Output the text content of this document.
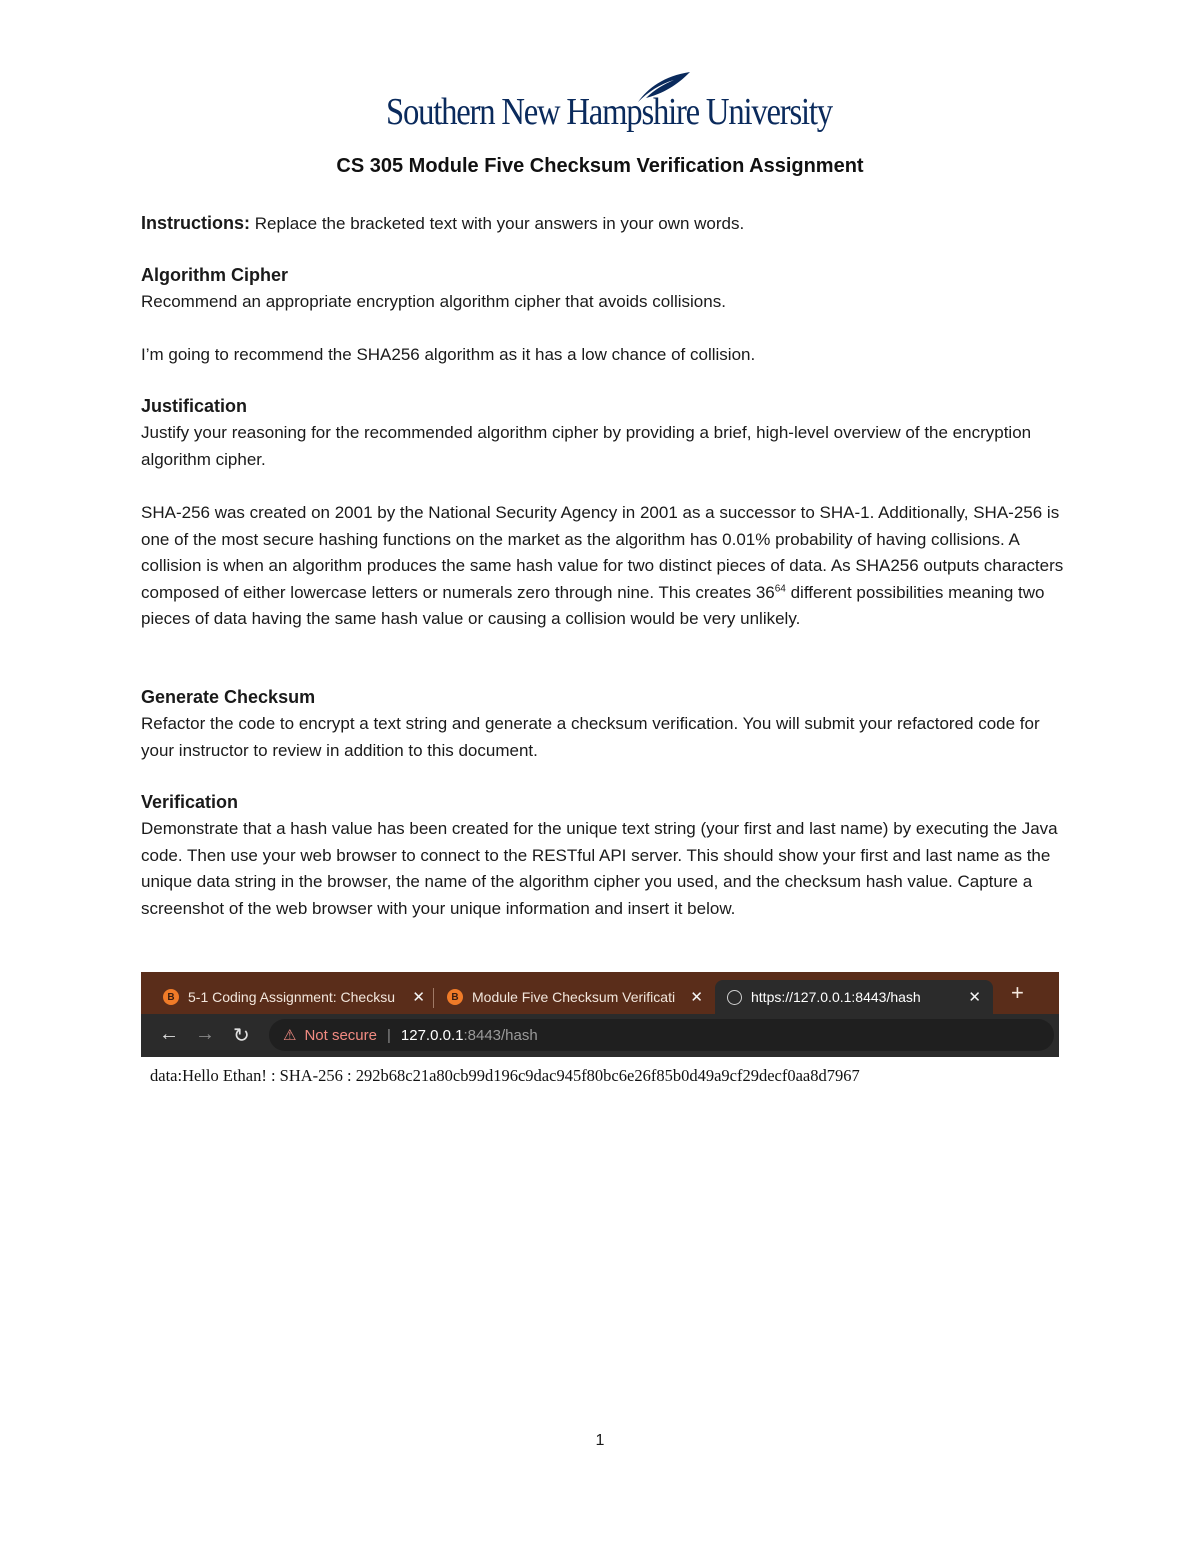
Southern New Hampshire University
CS 305 Module Five Checksum Verification Assignment
Instructions: Replace the bracketed text with your answers in your own words.
Algorithm Cipher
Recommend an appropriate encryption algorithm cipher that avoids collisions.
I’m going to recommend the SHA256 algorithm as it has a low chance of collision.
Justification
Justify your reasoning for the recommended algorithm cipher by providing a brief, high-level overview of the encryption algorithm cipher.
SHA-256 was created on 2001 by the National Security Agency in 2001 as a successor to SHA-1. Additionally, SHA-256 is one of the most secure hashing functions on the market as the algorithm has 0.01% probability of having collisions. A collision is when an algorithm produces the same hash value for two distinct pieces of data. As SHA256 outputs characters composed of either lowercase letters or numerals zero through nine. This creates $36^{64}$ different possibilities meaning two pieces of data having the same hash value or causing a collision would be very unlikely.
Generate Checksum
Refactor the code to encrypt a text string and generate a checksum verification. You will submit your refactored code for your instructor to review in addition to this document.
Verification
Demonstrate that a hash value has been created for the unique text string (your first and last name) by executing the Java code. Then use your web browser to connect to the RESTful API server. This should show your first and last name as the unique data string in the browser, the name of the algorithm cipher you used, and the checksum hash value. Capture a screenshot of the web browser with your unique information and insert it below.
B 5-1 Coding Assignment: Checksu	✕	B Module Five Checksum Verificati	✕	https://127.0.0.1:8443/hash	✕ +
← → ↻ ⚠ Not secure | 127.0.0.1 :8443/hash
data:Hello Ethan! : SHA-256 : 292b68c21a80cb99d196c9dac945f80bc6e26f85b0d49a9cf29decf0aa8d7967
1
